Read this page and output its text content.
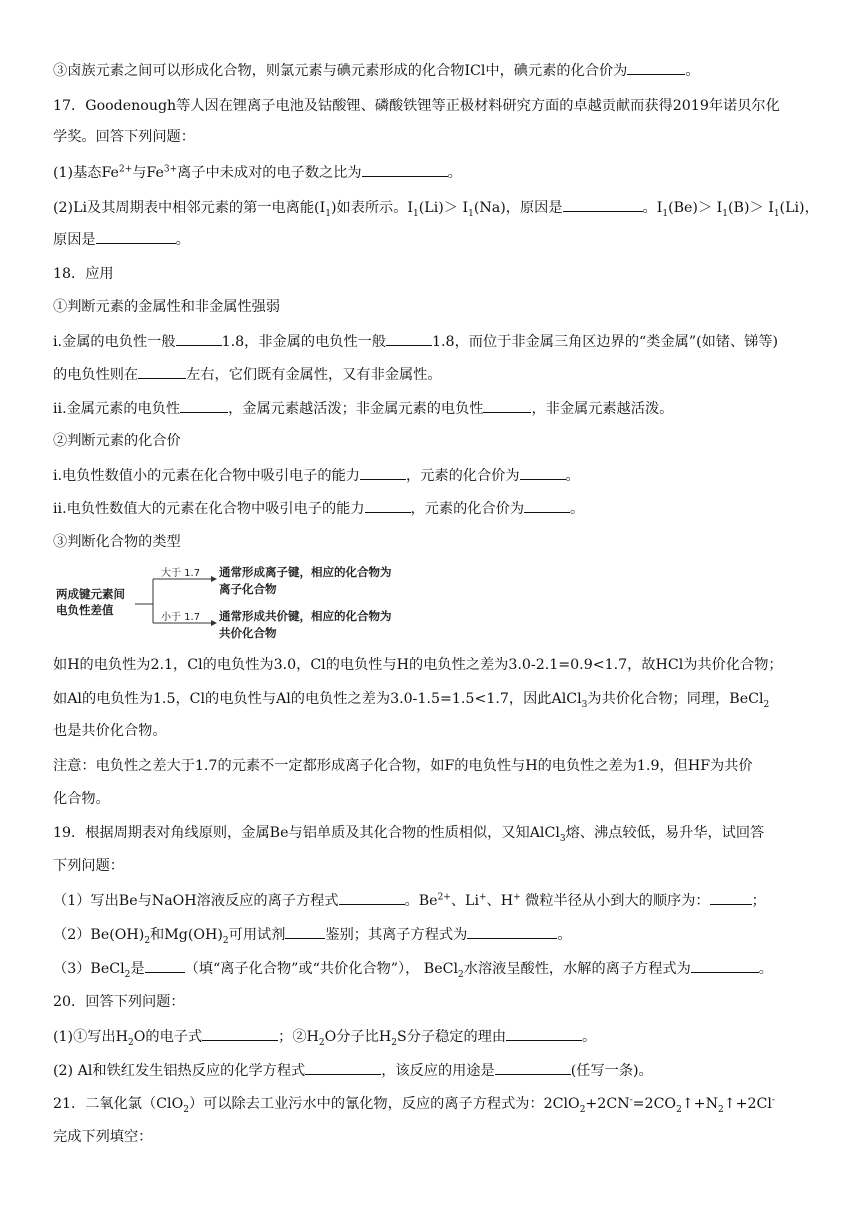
③卤族元素之间可以形成化合物，则氯元素与碘元素形成的化合物ICl中，碘元素的化合价为	。
17．Goodenough等人因在锂离子电池及钴酸锂、磷酸铁锂等正极材料研究方面的卓越贡献而获得2019年诺贝尔化
学奖。回答下列问题：
(1)基态$Fe^{2+}$与$Fe^{3+}$离子中未成对的电子数之比为	。
(2)Li及其周期表中相邻元素的第一电离能$(I_1)$如表所示。$I_1(Li)> I_1(Na)$，原因是	。$I_1(Be)> I_1(B)> I_1(Li)$，
原因是	。
18．应用
①判断元素的金属性和非金属性强弱
i.金属的电负性一般	1.8，非金属的电负性一般	1.8，而位于非金属三角区边界的“类金属”(如锗、锑等)
的电负性则在	左右，它们既有金属性，又有非金属性。
ii.金属元素的电负性	，金属元素越活泼；非金属元素的电负性	，非金属元素越活泼。
②判断元素的化合价
i.电负性数值小的元素在化合物中吸引电子的能力	，元素的化合价为	。
ii.电负性数值大的元素在化合物中吸引电子的能力	，元素的化合价为	。
③判断化合物的类型
两成键元素间
电负性差值
大于 1.7
小于 1.7
通常形成离子键，相应的化合物为
离子化合物
通常形成共价键，相应的化合物为
共价化合物
如H的电负性为2.1，Cl的电负性为3.0，Cl的电负性与H的电负性之差为3.0-2.1=0.9<1.7，故HCl为共价化合物；
如Al的电负性为1.5，Cl的电负性与Al的电负性之差为3.0-1.5=1.5<1.7，因此AlCl$_3$为共价化合物；同理，BeCl$_2$
也是共价化合物。
注意：电负性之差大于1.7的元素不一定都形成离子化合物，如F的电负性与H的电负性之差为1.9，但HF为共价
化合物。
19．根据周期表对角线原则，金属Be与铝单质及其化合物的性质相似，又知AlCl$_3$熔、沸点较低，易升华，试回答
下列问题：
（1）写出Be与NaOH溶液反应的离子方程式	。$Be^{2+}$、Li+、H+ 微粒半径从小到大的顺序为：	；
$(2)Be(OH)_2$和$Mg(OH)_2$可用试剂	鉴别；其离子方程式为	。
（3）BeCl$_2$是	（填“离子化合物”或“共价化合物”）， BeCl$_2$水溶液呈酸性，水解的离子方程式为	。
20．回答下列问题：
(1)①写出$H_2O$的电子式	；$②H_2O$分子比$H_2S$分子稳定的理由	。
(2) Al和铁红发生铝热反应的化学方程式	，该反应的用途是	(任写一条)。
21．二氧化氯（ClO$_2$）可以除去工业污水中的氰化物，反应的离子方程式为：$2ClO_2+2CN^-=2CO_2↑+N_2↑+2Cl^-$
完成下列填空：
